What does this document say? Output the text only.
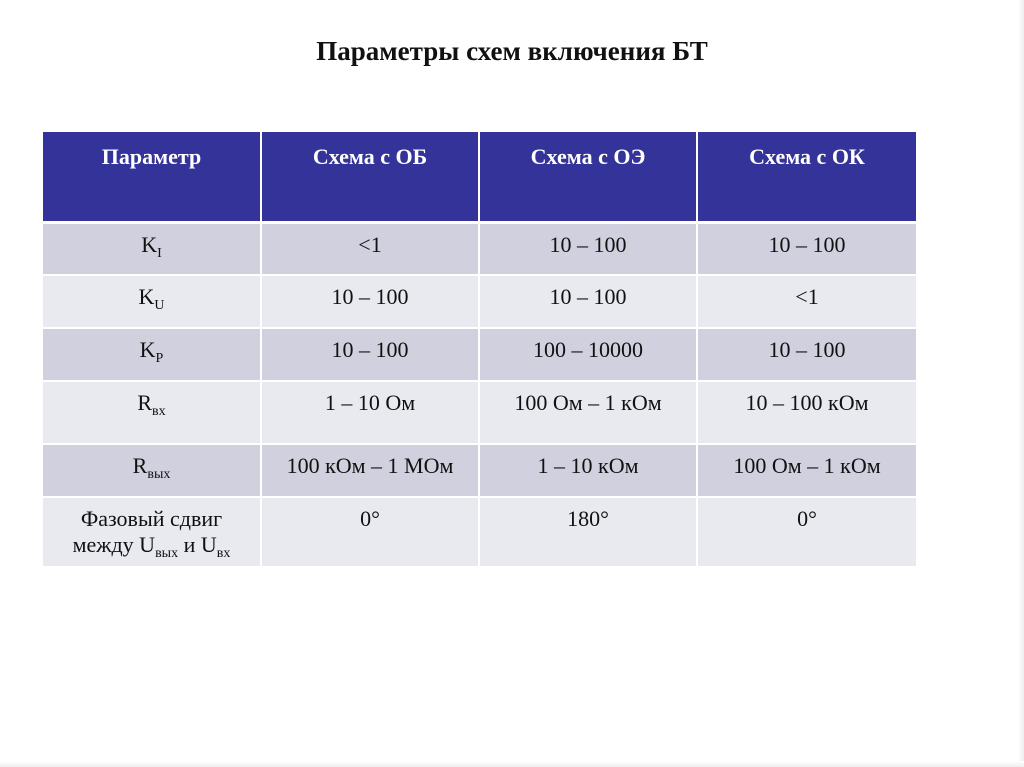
Параметры схем включения БТ
Параметр	Схема с ОБ	Схема с ОЭ	Схема с ОК
$K_I$	<1	10 – 100	10 – 100
$K_U$	10 – 100	10 – 100	<1
$K_P$	10 – 100	100 – 10000	10 – 100
$R_{вх}$	1 – 10 Ом	100 Ом – 1 кОм	10 – 100 кОм
$R_{вых}$	100 кОм – 1 МОм	1 – 10 кОм	100 Ом – 1 кОм
Фазовый сдвиг
между $U_{вых}$ и $U_{вх}$	0°	180°	0°
